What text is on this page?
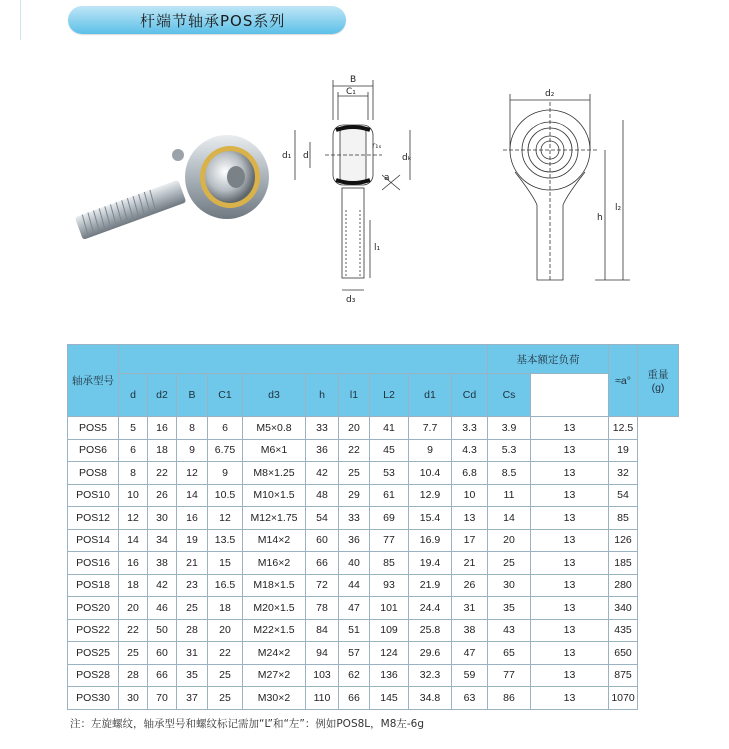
杆端节轴承POS系列
B
C₁
d₁ d
r₁ₛ
dₖ
a
l₁
d₃
d₂
h
l₂
轴承型号											基本额定负荷		≈a°	重量
(g)
	d	d2	B	C1	d3	h	l1	L2	d1	Cd	Cs			
POS5	5	16	8	6	M5×0.8	33	20	41	7.7	3.3	3.9	13	12.5	
POS6	6	18	9	6.75	M6×1	36	22	45	9	4.3	5.3	13	19	
POS8	8	22	12	9	M8×1.25	42	25	53	10.4	6.8	8.5	13	32	
POS10	10	26	14	10.5	M10×1.5	48	29	61	12.9	10	11	13	54	
POS12	12	30	16	12	M12×1.75	54	33	69	15.4	13	14	13	85	
POS14	14	34	19	13.5	M14×2	60	36	77	16.9	17	20	13	126	
POS16	16	38	21	15	M16×2	66	40	85	19.4	21	25	13	185	
POS18	18	42	23	16.5	M18×1.5	72	44	93	21.9	26	30	13	280	
POS20	20	46	25	18	M20×1.5	78	47	101	24.4	31	35	13	340	
POS22	22	50	28	20	M22×1.5	84	51	109	25.8	38	43	13	435	
POS25	25	60	31	22	M24×2	94	57	124	29.6	47	65	13	650	
POS28	28	66	35	25	M27×2	103	62	136	32.3	59	77	13	875	
POS30	30	70	37	25	M30×2	110	66	145	34.8	63	86	13	1070	
注：左旋螺纹，轴承型号和螺纹标记需加“L”和“左”：例如POS8L，M8左-6g
